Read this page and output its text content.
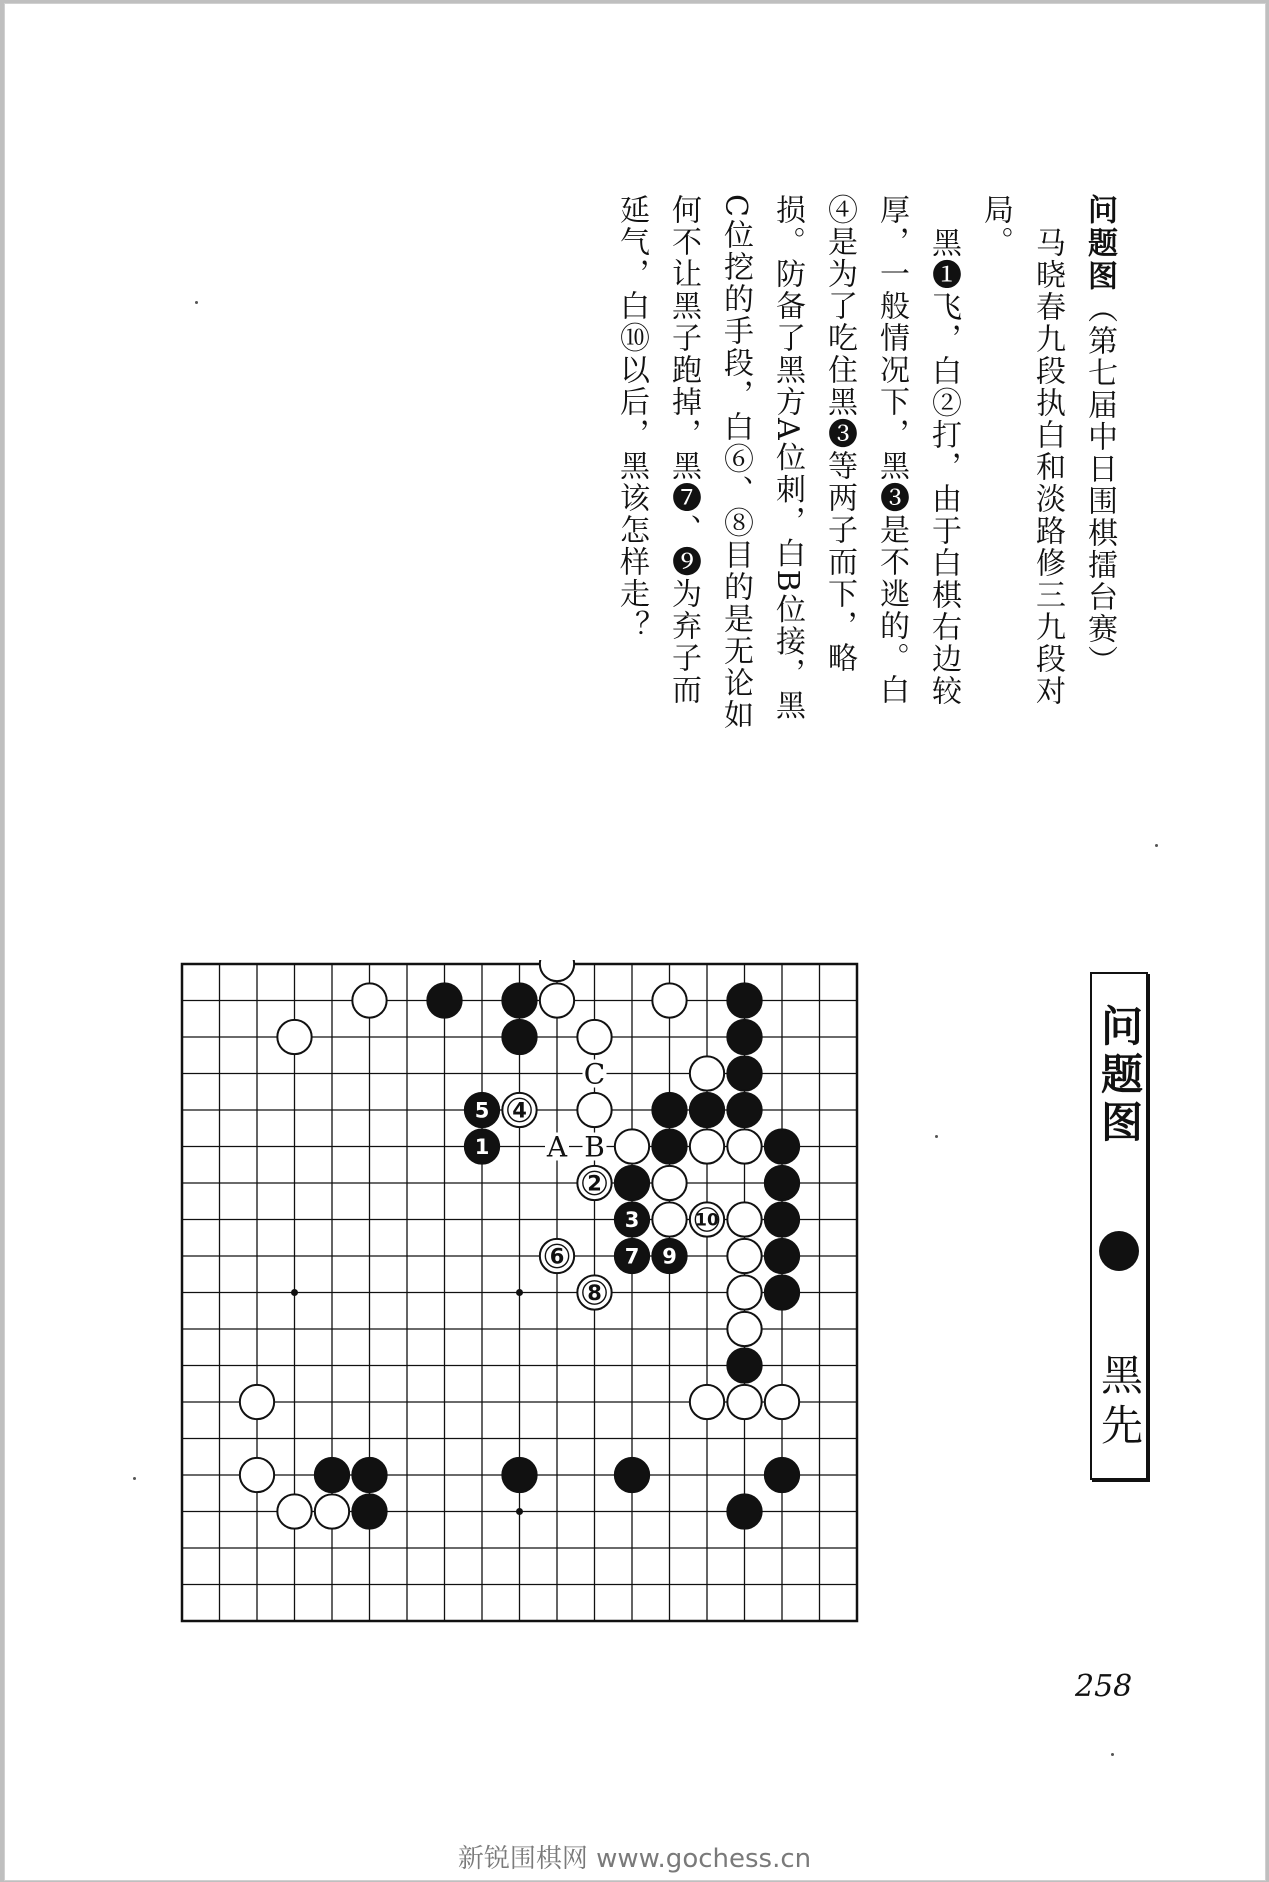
问题图（第七届中日围棋擂台赛）

马晓春九段执白和淡路修三九段对局。

黑❶飞，白②打，由于白棋右边较厚，一般情况下，黑❸是不逃的。白④是为了吃住黑❸等两子而下，略损。防备了黑方A位刺，白B位接，黑C位挖的手段，白⑥、⑧目的是无论如何不让黑子跑掉，黑❼、❾为弃子而延气，白⑩以后，黑该怎样走？

问题图
黑先
258
C
A B
5 4
1
2
3	10
6	7 9
8
新锐围棋网 www.gochess.cn
